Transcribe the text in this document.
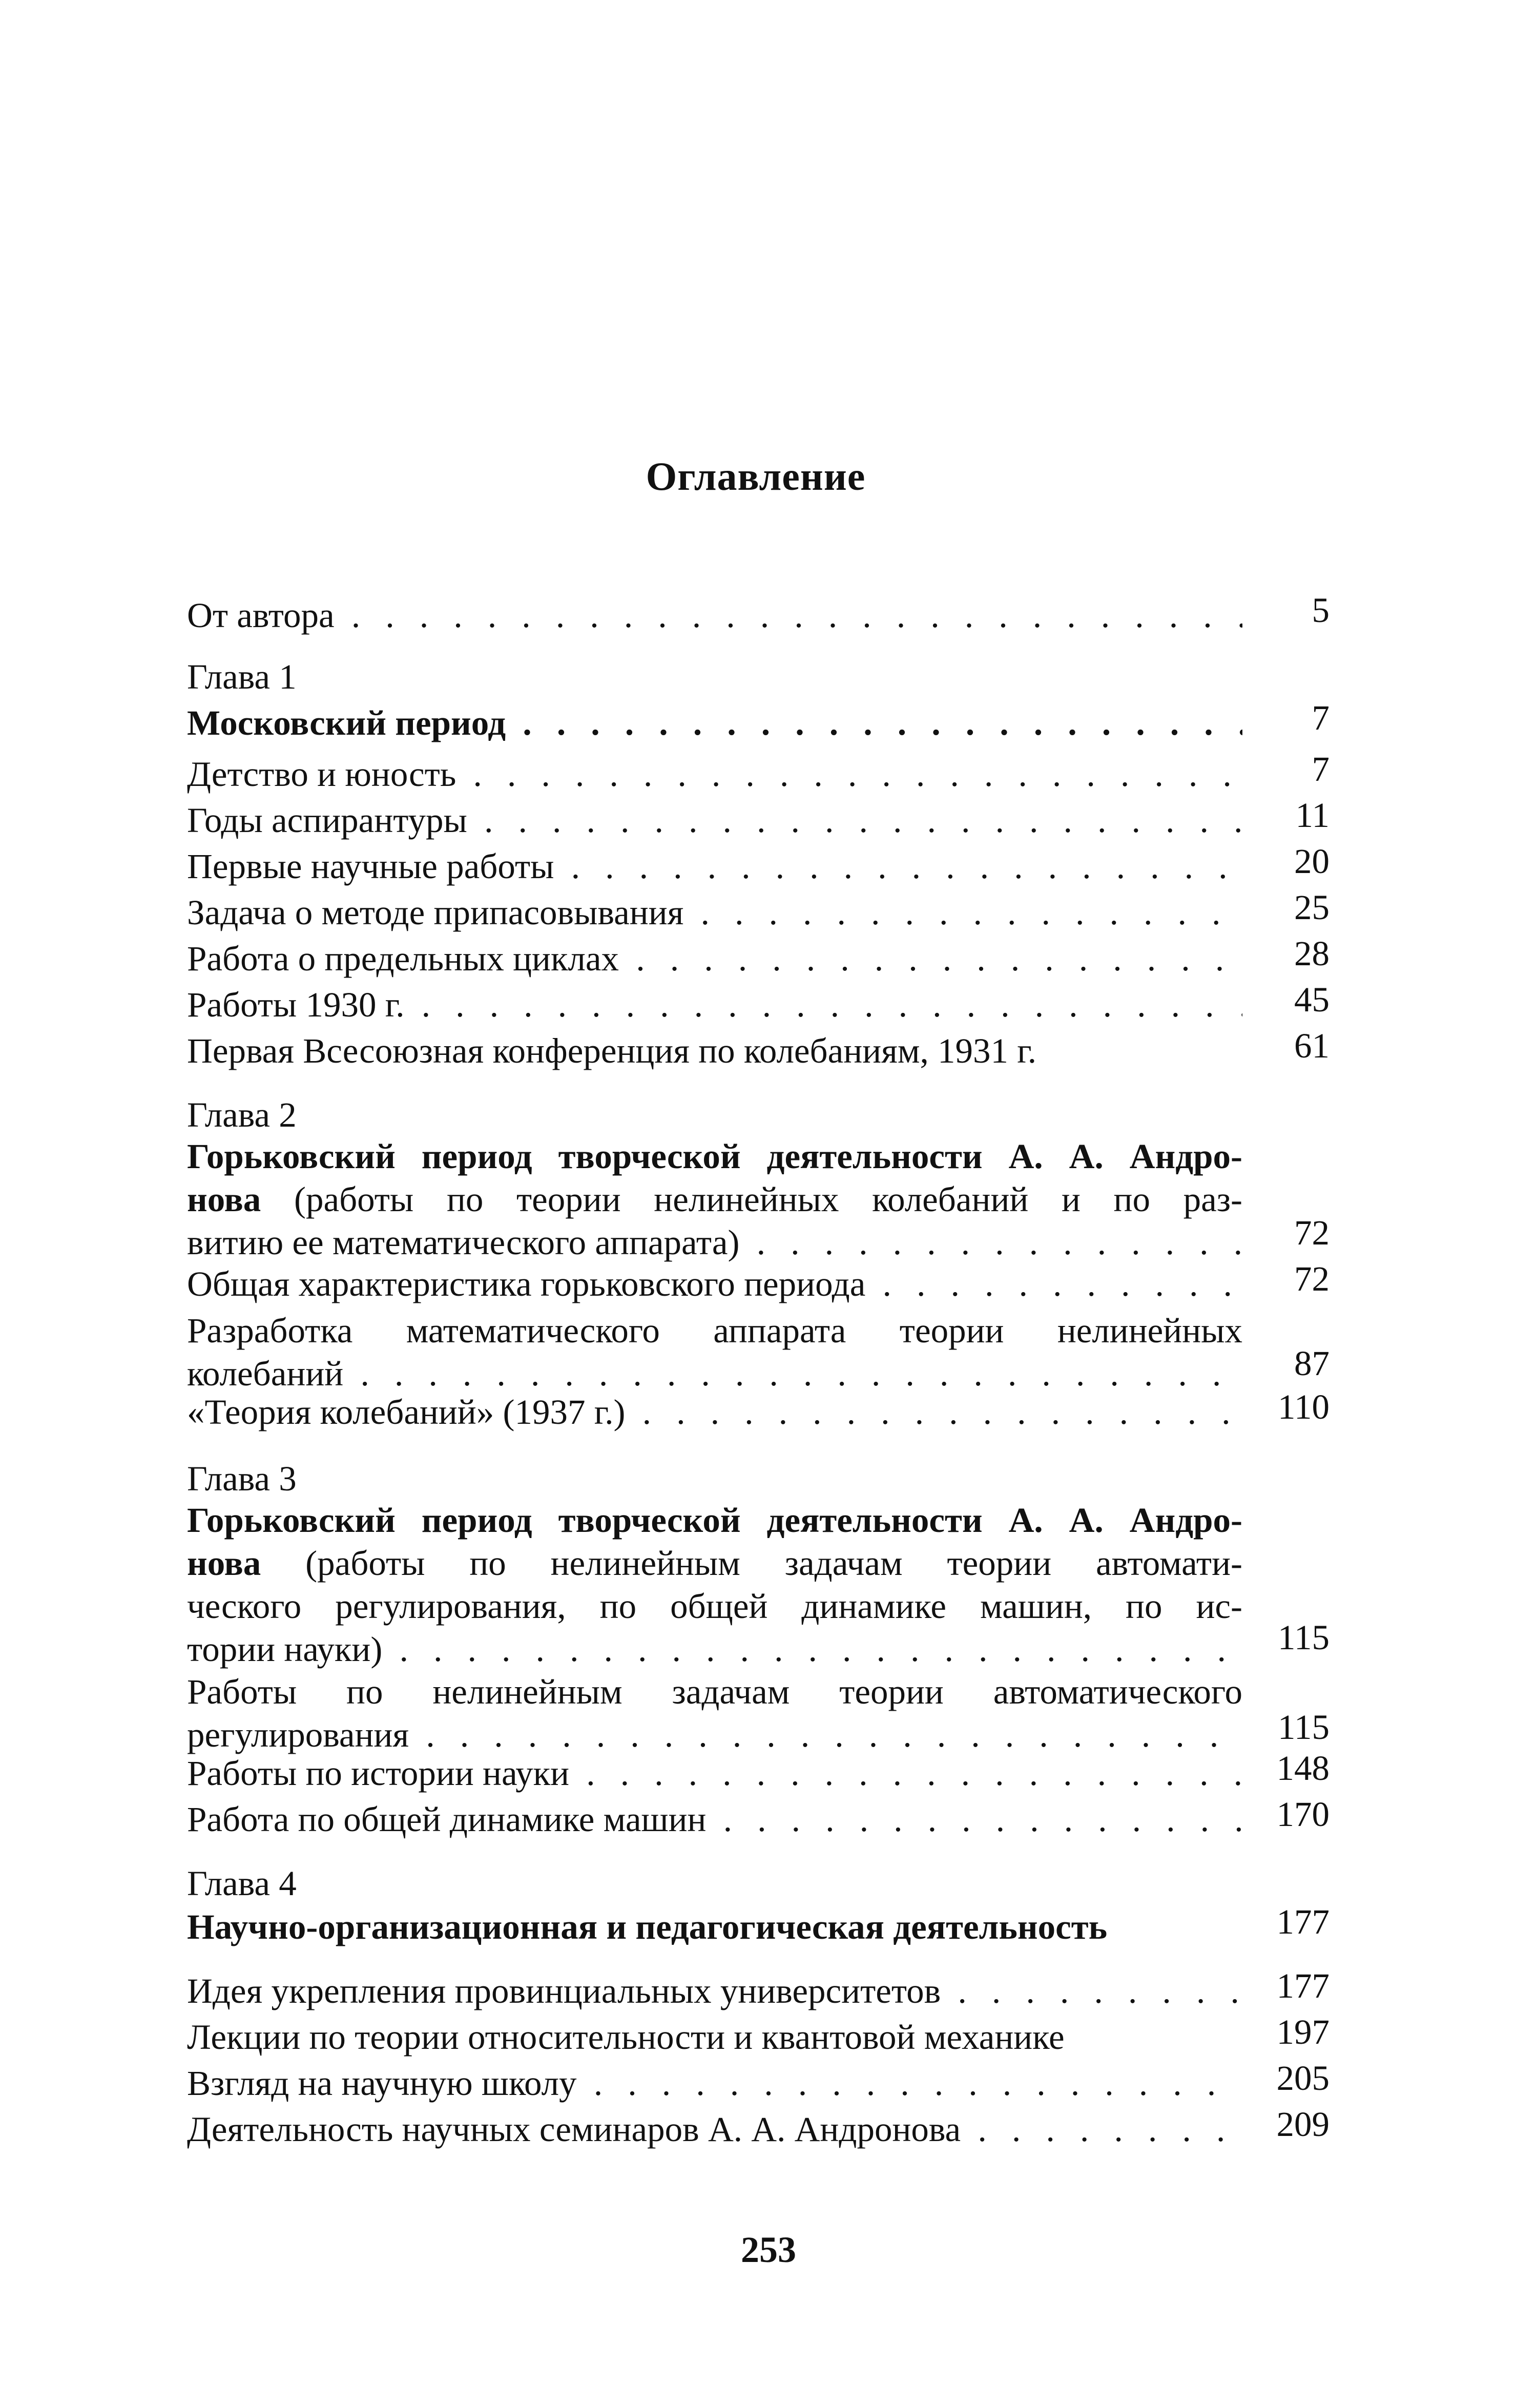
Оглавление
От автора . . .	5
Глава 1
Московский период . . .	7
Детство и юность . . .	7
Годы аспирантуры . . .	11
Первые научные работы . . .	20
Задача о методе припасовывания . . .	25
Работа о предельных циклах . . .	28
Работы 1930 г. . . .	45
Первая Всесоюзная конференция по колебаниям, 1931 г.	61
Глава 2
Горьковский период творческой деятельности А. А. Андро-
нова (работы по теории нелинейных колебаний и по раз-
витию ее математического аппарата) . . .	72
Общая характеристика горьковского периода . . .	72
Разработка математического аппарата теории нелинейных
колебаний . . .	87
«Теория колебаний» (1937 г.) . . .	110
Глава 3
Горьковский период творческой деятельности А. А. Андро-
нова (работы по нелинейным задачам теории автомати-
ческого регулирования, по общей динамике машин, по ис-
тории науки) . . .	115
Работы по нелинейным задачам теории автоматического
регулирования . . .	115
Работы по истории науки . . .	148
Работа по общей динамике машин . . .	170
Глава 4
Научно-организационная и педагогическая деятельность	177
Идея укрепления провинциальных университетов . . .	177
Лекции по теории относительности и квантовой механике	197
Взгляд на научную школу . . .	205
Деятельность научных семинаров А. А. Андронова . . .	209
253
